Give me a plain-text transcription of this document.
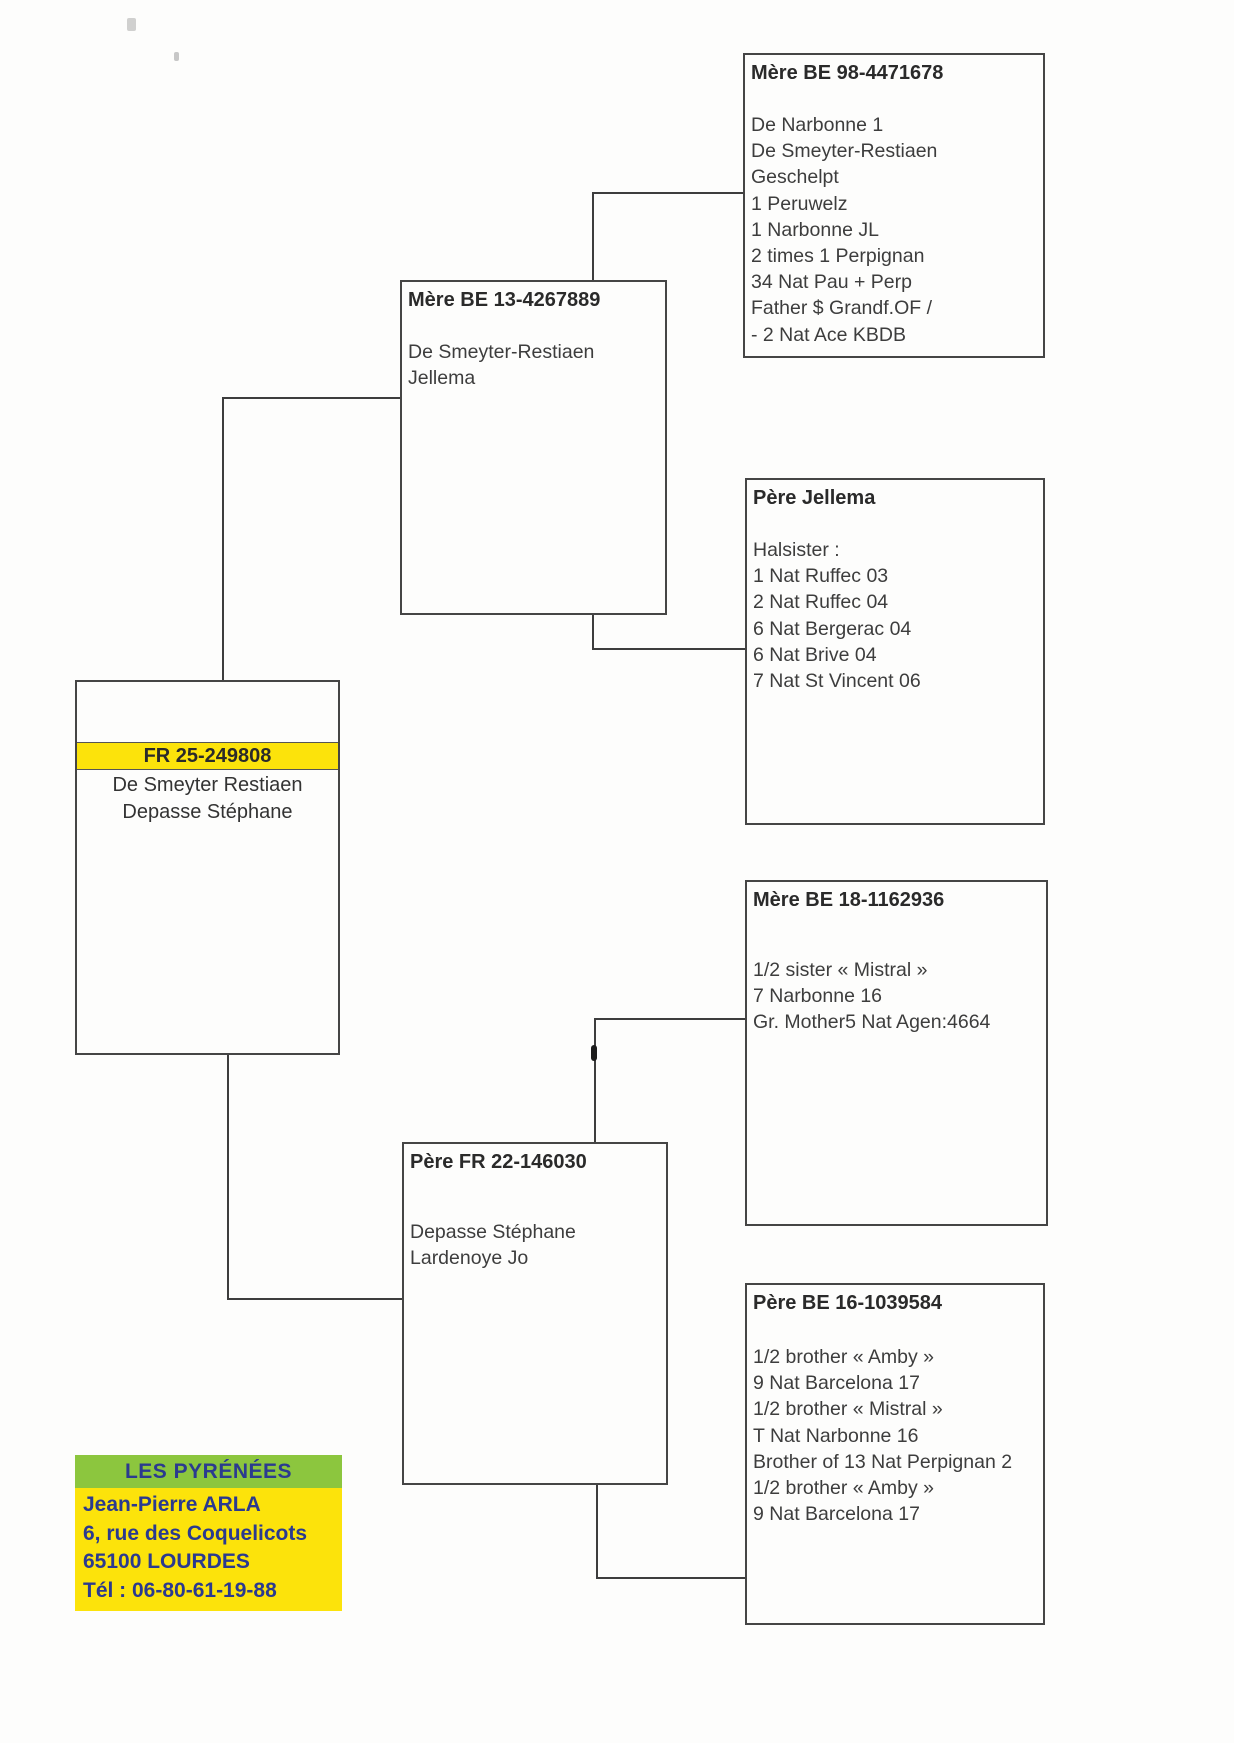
Mère BE 98-4471678
De Narbonne 1
De Smeyter-Restiaen
Geschelpt
1 Peruwelz
1 Narbonne JL
2 times 1 Perpignan
34 Nat Pau + Perp
Father $ Grandf.OF /
- 2 Nat Ace KBDB
Mère BE 13-4267889
De Smeyter-Restiaen
Jellema
Père Jellema
Halsister :
1 Nat Ruffec 03
2 Nat Ruffec 04
6 Nat Bergerac 04
6 Nat Brive 04
7 Nat St Vincent 06
FR 25-249808
De Smeyter Restiaen
Depasse Stéphane
Mère BE 18-1162936
1/2 sister « Mistral »
7 Narbonne 16
Gr. Mother5 Nat Agen:4664
Père FR 22-146030
Depasse Stéphane
Lardenoye Jo
Père BE 16-1039584
1/2 brother « Amby »
9 Nat Barcelona 17
1/2 brother « Mistral »
T Nat Narbonne 16
Brother of 13 Nat Perpignan 2
1/2 brother « Amby »
9 Nat Barcelona 17
LES PYRÉNÉES
Jean-Pierre ARLA
6, rue des Coquelicots
65100 LOURDES
Tél : 06-80-61-19-88
